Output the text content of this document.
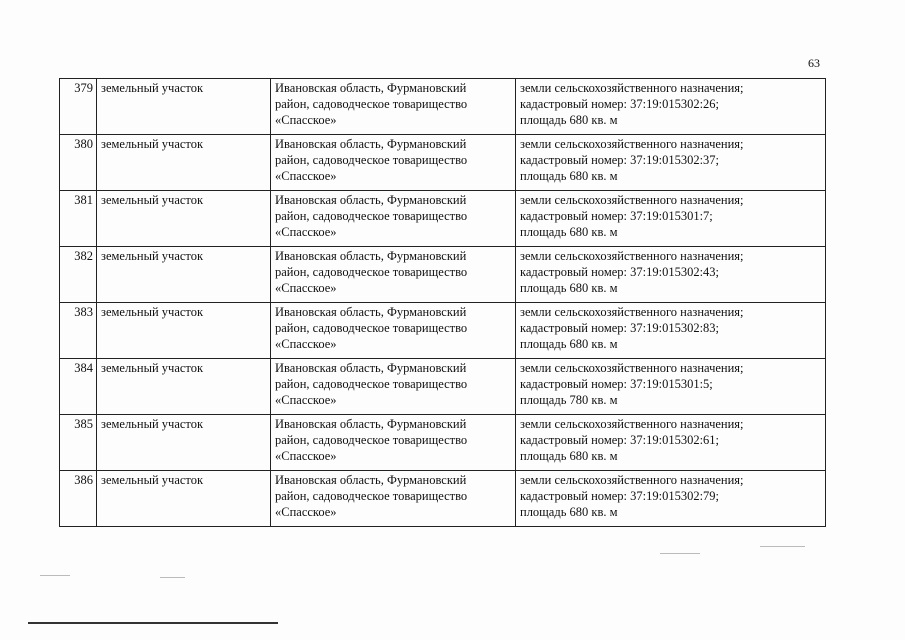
63
379	земельный участок	Ивановская область, Фурмановский
район, садоводческое товарищество
«Спасское»	земли сельскохозяйственного назначения;
кадастровый номер: 37:19:015302:26;
площадь 680 кв. м

380	земельный участок	Ивановская область, Фурмановский
район, садоводческое товарищество
«Спасское»	земли сельскохозяйственного назначения;
кадастровый номер: 37:19:015302:37;
площадь 680 кв. м

381	земельный участок	Ивановская область, Фурмановский
район, садоводческое товарищество
«Спасское»	земли сельскохозяйственного назначения;
кадастровый номер: 37:19:015301:7;
площадь 680 кв. м

382	земельный участок	Ивановская область, Фурмановский
район, садоводческое товарищество
«Спасское»	земли сельскохозяйственного назначения;
кадастровый номер: 37:19:015302:43;
площадь 680 кв. м

383	земельный участок	Ивановская область, Фурмановский
район, садоводческое товарищество
«Спасское»	земли сельскохозяйственного назначения;
кадастровый номер: 37:19:015302:83;
площадь 680 кв. м

384	земельный участок	Ивановская область, Фурмановский
район, садоводческое товарищество
«Спасское»	земли сельскохозяйственного назначения;
кадастровый номер: 37:19:015301:5;
площадь 780 кв. м

385	земельный участок	Ивановская область, Фурмановский
район, садоводческое товарищество
«Спасское»	земли сельскохозяйственного назначения;
кадастровый номер: 37:19:015302:61;
площадь 680 кв. м

386	земельный участок	Ивановская область, Фурмановский
район, садоводческое товарищество
«Спасское»	земли сельскохозяйственного назначения;
кадастровый номер: 37:19:015302:79;
площадь 680 кв. м
